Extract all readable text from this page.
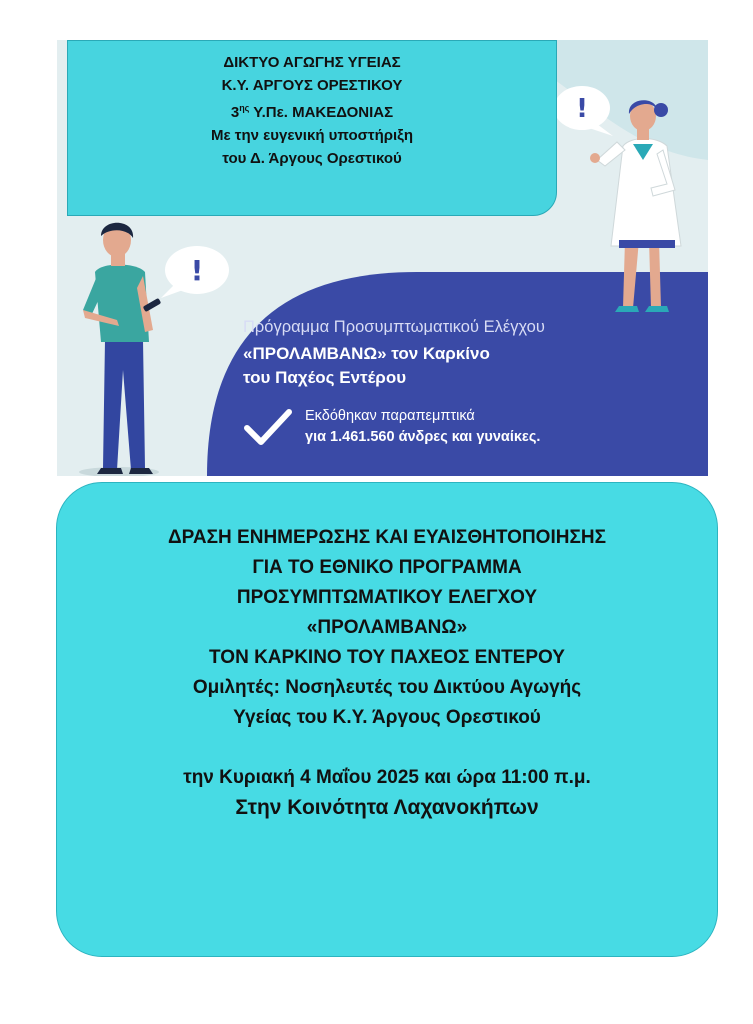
!
!
ΔΙΚΤΥΟ ΑΓΩΓΗΣ ΥΓΕΙΑΣ
Κ.Υ. ΑΡΓΟΥΣ ΟΡΕΣΤΙΚΟΥ
$3^{\eta\varsigma}$ Υ.Πε. ΜΑΚΕΔΟΝΙΑΣ
Με την ευγενική υποστήριξη
του Δ. Άργους Ορεστικού
Πρόγραμμα Προσυμπτωματικού Ελέγχου
«ΠΡΟΛΑΜΒΑΝΩ» τον Καρκίνο
του Παχέος Εντέρου
Εκδόθηκαν παραπεμπτικά
για 1.461.560 άνδρες και γυναίκες.
ΔΡΑΣΗ ΕΝΗΜΕΡΩΣΗΣ ΚΑΙ ΕΥΑΙΣΘΗΤΟΠΟΙΗΣΗΣ
ΓΙΑ ΤΟ ΕΘΝΙΚΟ ΠΡΟΓΡΑΜΜΑ
ΠΡΟΣΥΜΠΤΩΜΑΤΙΚΟΥ ΕΛΕΓΧΟΥ
«ΠΡΟΛΑΜΒΑΝΩ»
ΤΟΝ ΚΑΡΚΙΝΟ ΤΟΥ ΠΑΧΕΟΣ ΕΝΤΕΡΟΥ
Ομιλητές: Νοσηλευτές του Δικτύου Αγωγής
Υγείας του Κ.Υ. Άργους Ορεστικού
την Κυριακή 4 Μαΐου 2025 και ώρα 11:00 π.μ.
Στην Κοινότητα Λαχανοκήπων
